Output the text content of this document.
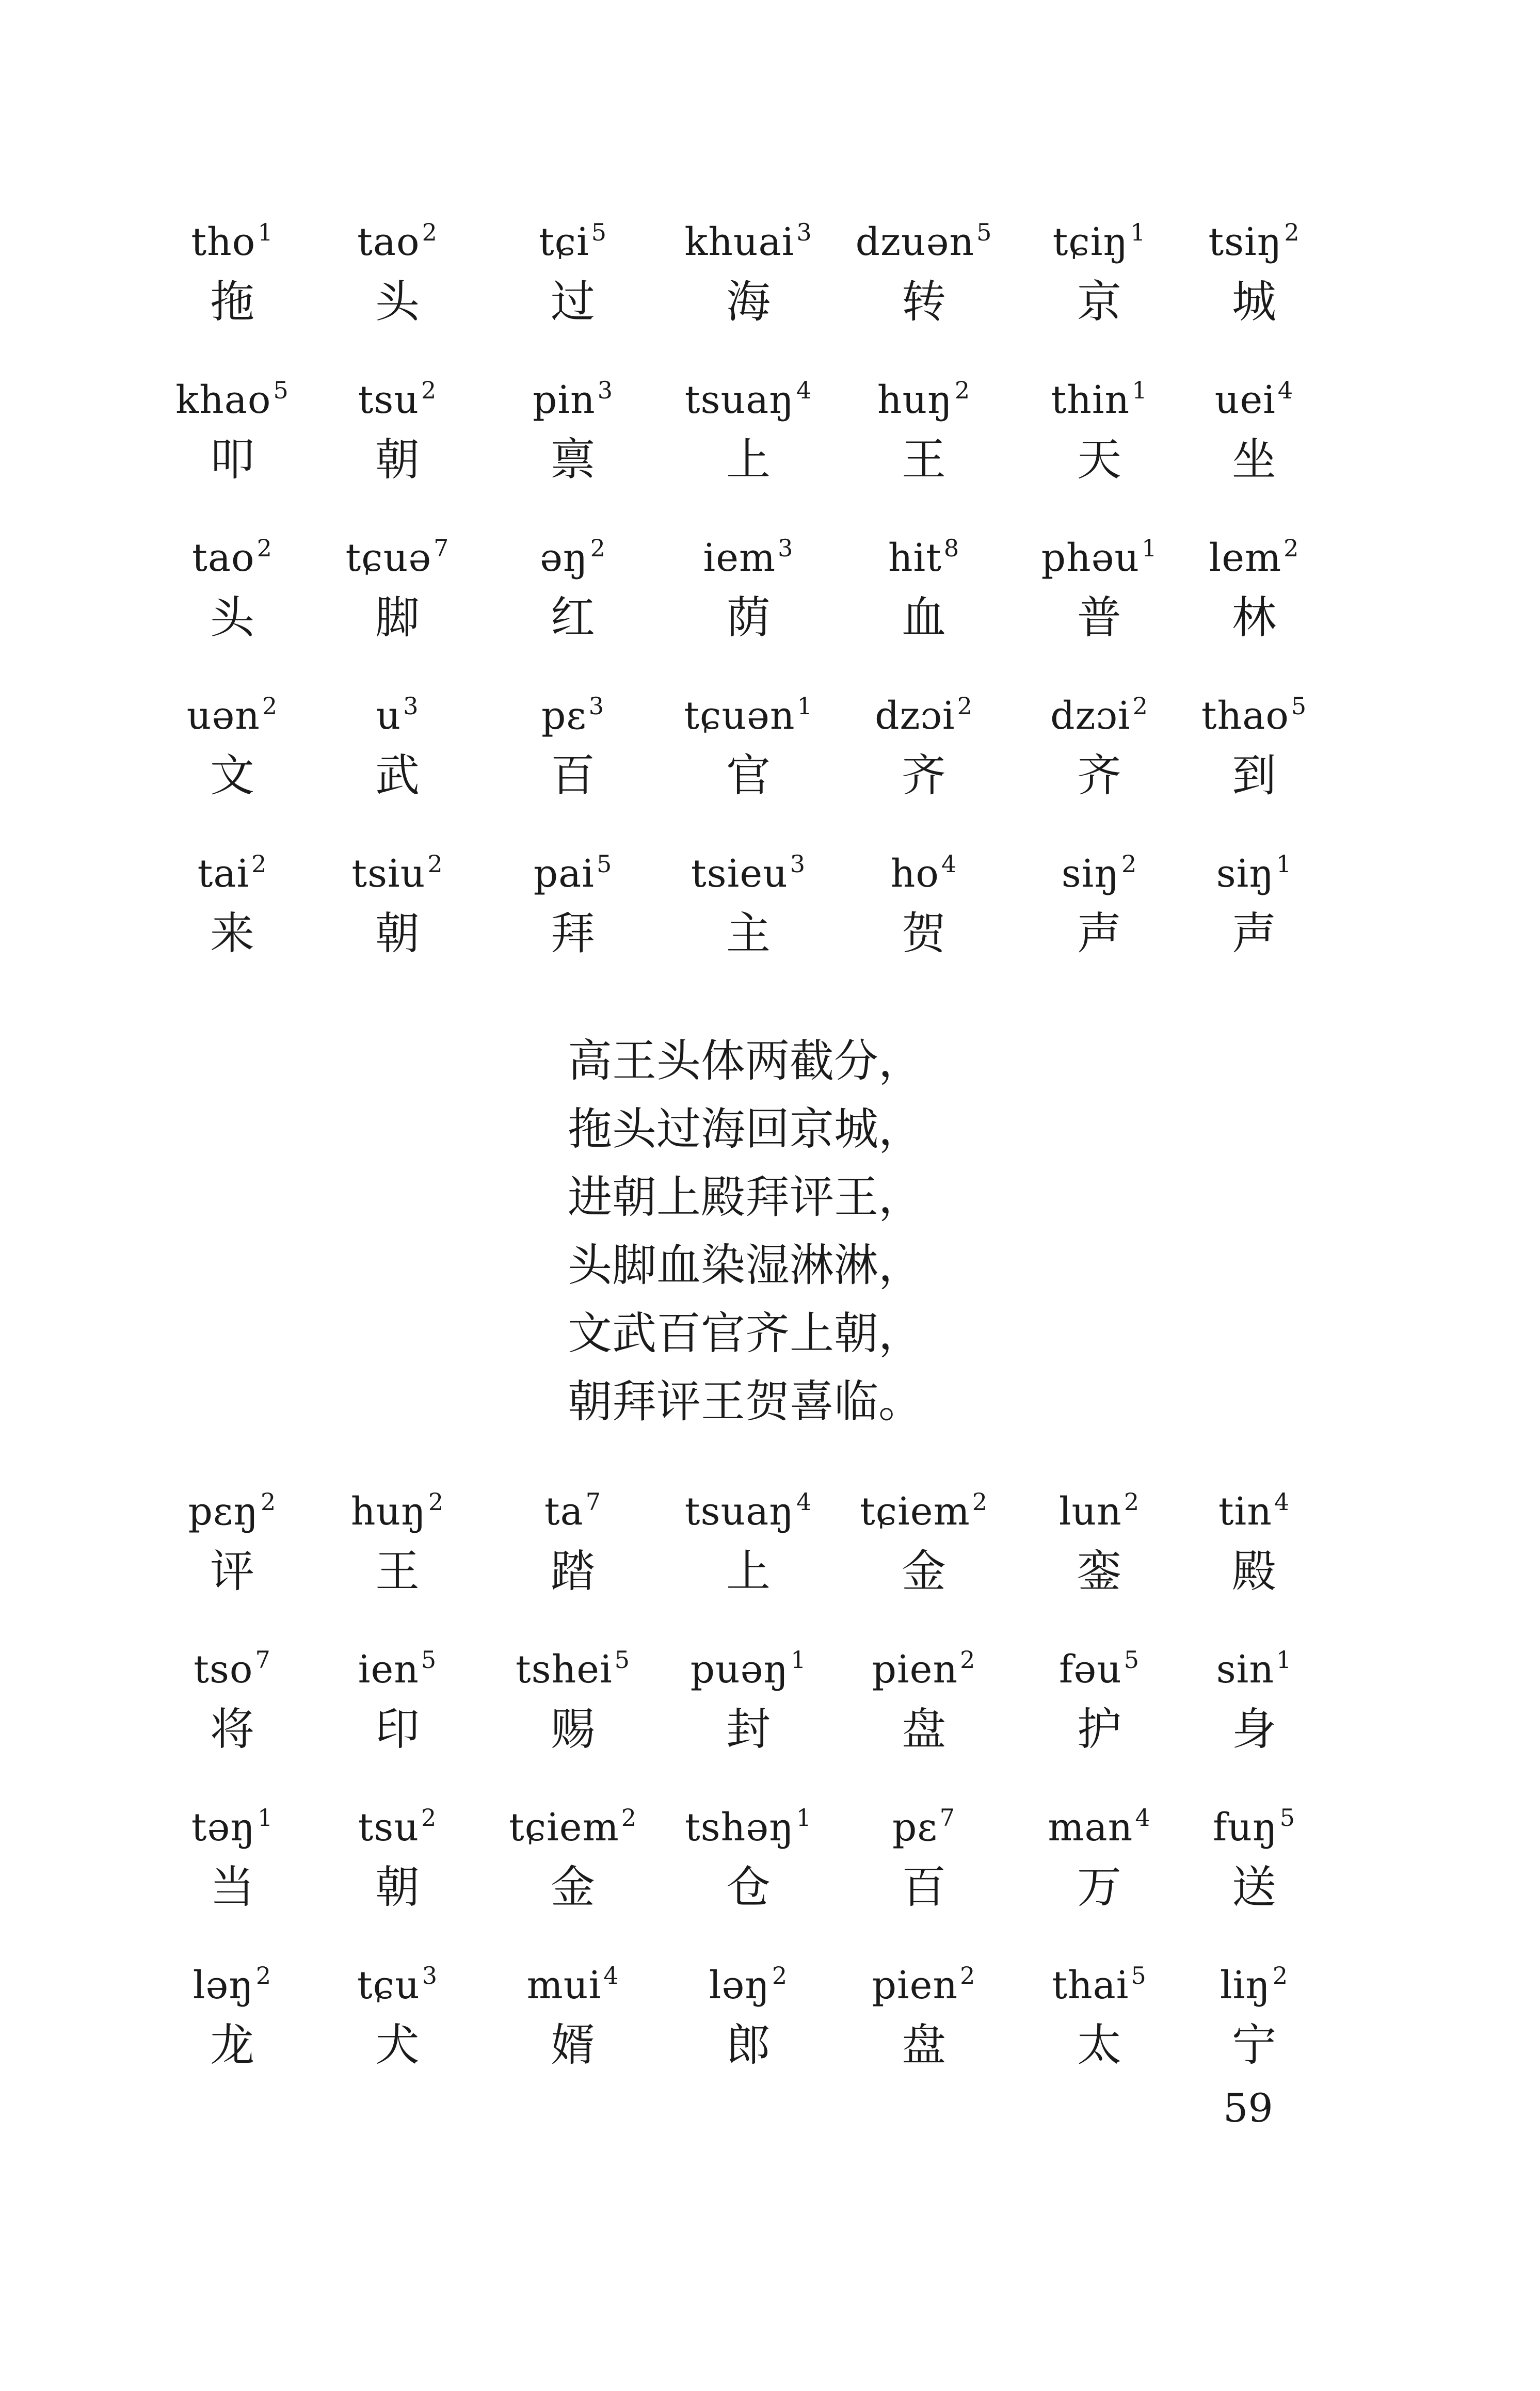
tho$^1$
拖
tao$^2$
头
tɕi$^5$
过
khuai$^3$
海
dzuən$^5$
转
tɕiŋ$^1$
京
tsiŋ$^2$
城
khao$^5$
叩
tsu$^2$
朝
pin$^3$
禀
tsuaŋ$^4$
上
huŋ$^2$
王
thin$^1$
天
uei$^4$
坐
tao$^2$
头
tɕuə$^7$
脚
əŋ$^2$
红
iem$^3$
荫
hit$^8$
血
phəu$^1$
普
lem$^2$
林
uən$^2$
文
$u^3$
武
pɛ$^3$
百
tɕuən$^1$
官
dzɔi$^2$
齐
dzɔi$^2$
齐
thao$^5$
到
tai$^2$
来
tsiu$^2$
朝
pai$^5$
拜
tsieu$^3$
主
$ho^4$
贺
siŋ$^2$
声
siŋ$^1$
声
高王头体两截分，
拖头过海回京城，
进朝上殿拜评王，
头脚血染湿淋淋，
文武百官齐上朝，
朝拜评王贺喜临。
pɛŋ$^2$
评
huŋ$^2$
王
$ta^7$
踏
tsuaŋ$^4$
上
tɕiem$^2$
金
lun$^2$
銮
tin$^4$
殿
tso$^7$
将
ien$^5$
印
tshei$^5$
赐
puəŋ$^1$
封
pien$^2$
盘
fəu$^5$
护
$\sin^1$
身
təŋ$^1$
当
tsu$^2$
朝
tɕiem$^2$
金
tshəŋ$^1$
仓
pɛ$^7$
百
man$^4$
万
fuŋ$^5$
送
ləŋ$^2$
龙
tɕu$^3$
犬
mui$^4$
婿
ləŋ$^2$
郎
pien$^2$
盘
thai$^5$
太
liŋ$^2$
宁
59
